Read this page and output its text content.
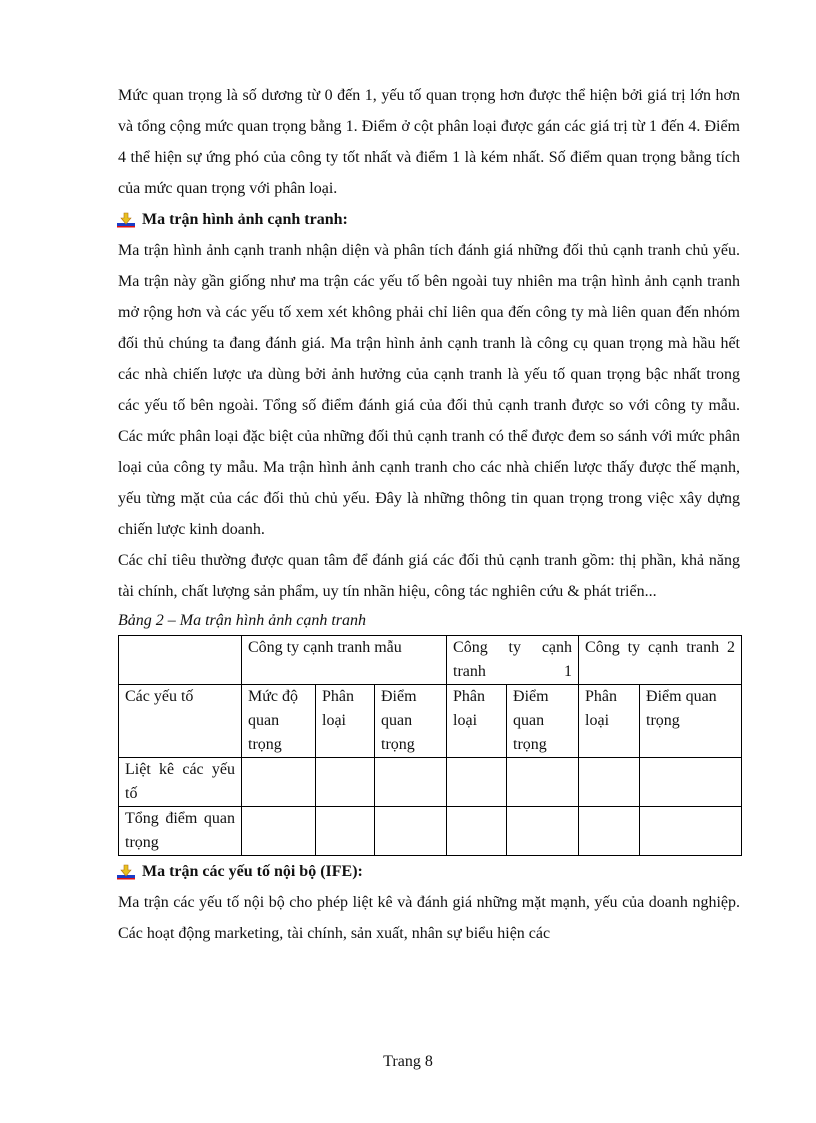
Mức quan trọng là số dương từ 0 đến 1, yếu tố quan trọng hơn được thể hiện bởi giá trị lớn hơn và tổng cộng mức quan trọng bằng 1. Điểm ở cột phân loại được gán các giá trị từ 1 đến 4. Điểm 4 thể hiện sự ứng phó của công ty tốt nhất và điểm 1 là kém nhất. Số điểm quan trọng bằng tích của mức quan trọng với phân loại.

Ma trận hình ảnh cạnh tranh:

Ma trận hình ảnh cạnh tranh nhận diện và phân tích đánh giá những đối thủ cạnh tranh chủ yếu. Ma trận này gần giống như ma trận các yếu tố bên ngoài tuy nhiên ma trận hình ảnh cạnh tranh mở rộng hơn và các yếu tố xem xét không phải chỉ liên qua đến công ty mà liên quan đến nhóm đối thủ chúng ta đang đánh giá. Ma trận hình ảnh cạnh tranh là công cụ quan trọng mà hầu hết các nhà chiến lược ưa dùng bởi ảnh hưởng của cạnh tranh là yếu tố quan trọng bậc nhất trong các yếu tố bên ngoài. Tổng số điểm đánh giá của đối thủ cạnh tranh được so với công ty mẫu. Các mức phân loại đặc biệt của những đối thủ cạnh tranh có thể được đem so sánh với mức phân loại của công ty mẫu. Ma trận hình ảnh cạnh tranh cho các nhà chiến lược thấy được thế mạnh, yếu từng mặt của các đối thủ chủ yếu. Đây là những thông tin quan trọng trong việc xây dựng chiến lược kinh doanh.

Các chỉ tiêu thường được quan tâm để đánh giá các đối thủ cạnh tranh gồm: thị phần, khả năng tài chính, chất lượng sản phẩm, uy tín nhãn hiệu, công tác nghiên cứu & phát triển...

Bảng 2 – Ma trận hình ảnh cạnh tranh

	Công ty cạnh tranh mẫu			Công ty cạnh tranh 1		Công ty cạnh tranh 2	
Các yếu tố	Mức độ quan trọng	Phân loại	Điểm quan trọng	Phân loại	Điểm quan trọng	Phân loại	Điểm quan trọng
Liệt kê các yếu tố							
Tổng điểm quan trọng							
Ma trận các yếu tố nội bộ (IFE):

Ma trận các yếu tố nội bộ cho phép liệt kê và đánh giá những mặt mạnh, yếu của doanh nghiệp. Các hoạt động marketing, tài chính, sản xuất, nhân sự biểu hiện các

Trang 8
